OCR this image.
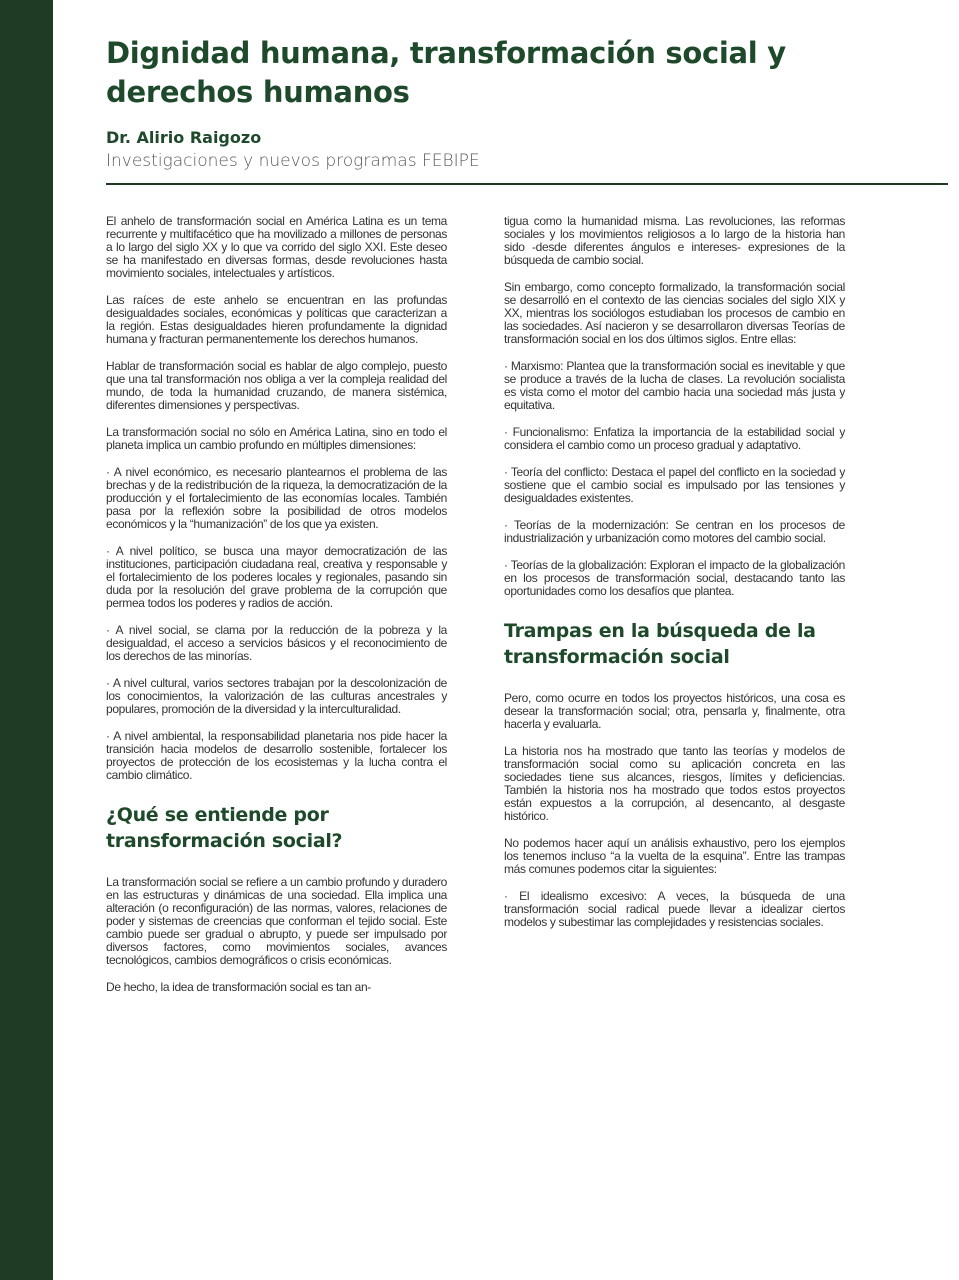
Dignidad humana, transformación social y derechos humanos

Dr. Alirio Raigozo

Investigaciones y nuevos programas FEBIPE

El anhelo de transformación social en América Latina es un tema recurrente y multifacético que ha movilizado a millones de personas a lo largo del siglo XX y lo que va corrido del siglo XXI. Este deseo se ha manifestado en diversas formas, desde revoluciones hasta movimiento sociales, intelectuales y artísticos.

Las raíces de este anhelo se encuentran en las profundas desigualdades sociales, económicas y políticas que caracterizan a la región. Estas desigualdades hieren profundamente la dignidad humana y fracturan permanentemente los derechos humanos.

Hablar de transformación social es hablar de algo complejo, puesto que una tal transformación nos obliga a ver la compleja realidad del mundo, de toda la humanidad cruzando, de manera sistémica, diferentes dimensiones y perspectivas.

La transformación social no sólo en América Latina, sino en todo el planeta implica un cambio profundo en múltiples dimensiones:

· A nivel económico, es necesario plantearnos el problema de las brechas y de la redistribución de la riqueza, la democratización de la producción y el fortalecimiento de las economías locales. También pasa por la reflexión sobre la posibilidad de otros modelos económicos y la “humanización” de los que ya existen.

· A nivel político, se busca una mayor democratización de las instituciones, participación ciudadana real, creativa y responsable y el fortalecimiento de los poderes locales y regionales, pasando sin duda por la resolución del grave problema de la corrupción que permea todos los poderes y radios de acción.

· A nivel social, se clama por la reducción de la pobreza y la desigualdad, el acceso a servicios básicos y el reconocimiento de los derechos de las minorías.

· A nivel cultural, varios sectores trabajan por la descolonización de los conocimientos, la valorización de las culturas ancestrales y populares, promoción de la diversidad y la interculturalidad.

· A nivel ambiental, la responsabilidad planetaria nos pide hacer la transición hacia modelos de desarrollo sostenible, fortalecer los proyectos de protección de los ecosistemas y la lucha contra el cambio climático.

¿Qué se entiende por transformación social?

La transformación social se refiere a un cambio profundo y duradero en las estructuras y dinámicas de una sociedad. Ella implica una alteración (o reconfiguración) de las normas, valores, relaciones de poder y sistemas de creencias que conforman el tejido social. Este cambio puede ser gradual o abrupto, y puede ser impulsado por diversos factores, como movimientos sociales, avances tecnológicos, cambios demográficos o crisis económicas.

De hecho, la idea de transformación social es tan an-

tigua como la humanidad misma. Las revoluciones, las reformas sociales y los movimientos religiosos a lo largo de la historia han sido -desde diferentes ángulos e intereses- expresiones de la búsqueda de cambio social.

Sin embargo, como concepto formalizado, la transformación social se desarrolló en el contexto de las ciencias sociales del siglo XIX y XX, mientras los sociólogos estudiaban los procesos de cambio en las sociedades. Así nacieron y se desarrollaron diversas Teorías de transformación social en los dos últimos siglos. Entre ellas:

· Marxismo: Plantea que la transformación social es inevitable y que se produce a través de la lucha de clases. La revolución socialista es vista como el motor del cambio hacia una sociedad más justa y equitativa.

· Funcionalismo: Enfatiza la importancia de la estabilidad social y considera el cambio como un proceso gradual y adaptativo.

· Teoría del conflicto: Destaca el papel del conflicto en la sociedad y sostiene que el cambio social es impulsado por las tensiones y desigualdades existentes.

· Teorías de la modernización: Se centran en los procesos de industrialización y urbanización como motores del cambio social.

· Teorías de la globalización: Exploran el impacto de la globalización en los procesos de transformación social, destacando tanto las oportunidades como los desafíos que plantea.

Trampas en la búsqueda de la transformación social

Pero, como ocurre en todos los proyectos históricos, una cosa es desear la transformación social; otra, pensarla y, finalmente, otra hacerla y evaluarla.

La historia nos ha mostrado que tanto las teorías y modelos de transformación social como su aplicación concreta en las sociedades tiene sus alcances, riesgos, límites y deficiencias. También la historia nos ha mostrado que todos estos proyectos están expuestos a la corrupción, al desencanto, al desgaste histórico.

No podemos hacer aquí un análisis exhaustivo, pero los ejemplos los tenemos incluso “a la vuelta de la esquina”. Entre las trampas más comunes podemos citar la siguientes:

· El idealismo excesivo: A veces, la búsqueda de una transformación social radical puede llevar a idealizar ciertos modelos y subestimar las complejidades y resistencias sociales.
